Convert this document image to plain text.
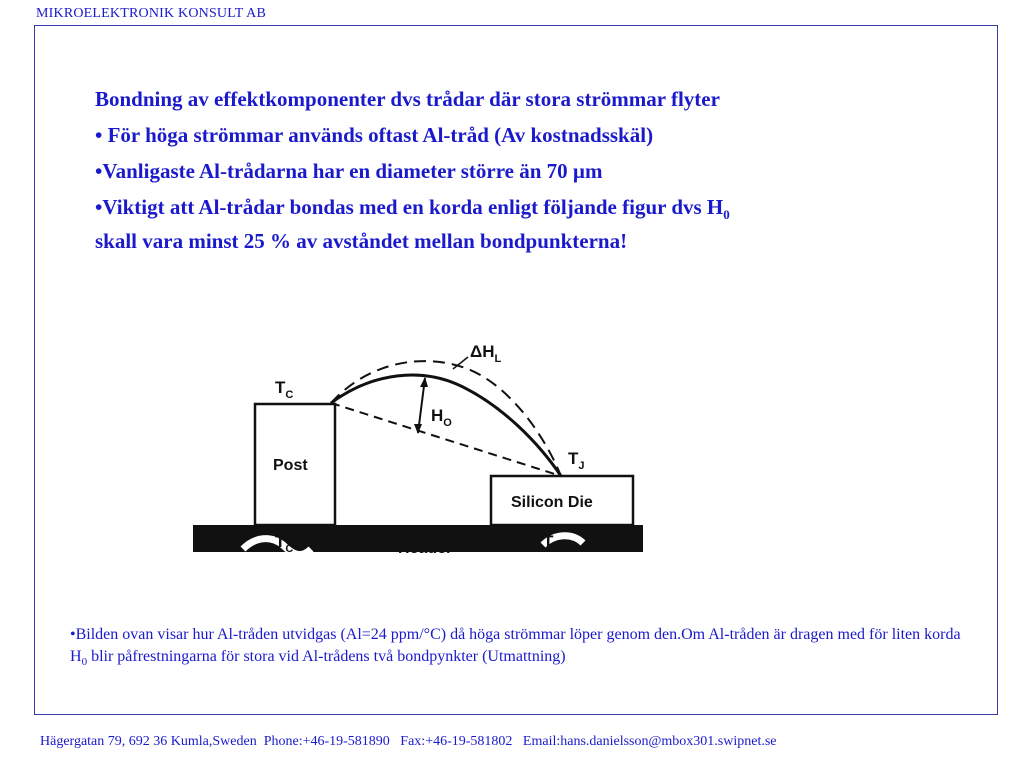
MIKROELEKTRONIK KONSULT AB

Bondning av effektkomponenter dvs trådar där stora strömmar flyter

• För höga strömmar används oftast Al-tråd (Av kostnadsskäl)

•Vanligaste Al-trådarna har en diameter större än 70 µm

•Viktigt att Al-trådar bondas med en korda enligt följande figur dvs $H_0$
skall vara minst 25 % av avståndet mellan bondpunkterna!

$\Delta H_L$
$H_O$
$T_C$
$T_J$
Post
Silicon Die
$T_C$	Header	$T_2$
•Bilden ovan visar hur Al-tråden utvidgas (Al=24 ppm/°C) då höga strömmar löper genom den.Om Al-tråden är dragen med för liten korda $H_0$ blir påfrestningarna för stora vid Al-trådens två bondpynkter (Utmattning)
Hägergatan 79, 692 36 Kumla,Sweden  Phone:+46-19-581890   Fax:+46-19-581802   Email:hans.danielsson@mbox301.swipnet.se
